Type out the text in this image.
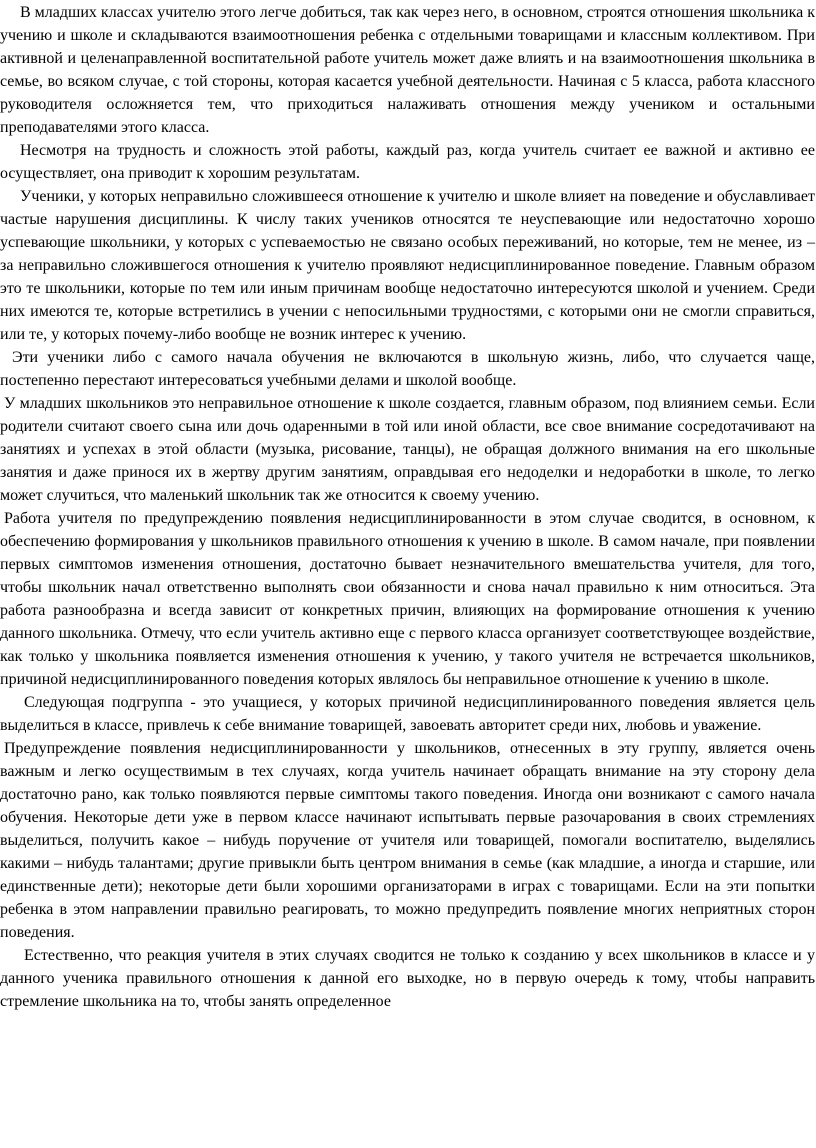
В младших классах учителю этого легче добиться, так как через него, в основном, строятся отношения школьника к учению и школе и складываются взаимоотношения ребенка с отдельными товарищами и классным коллективом. При активной и целенаправленной воспитательной работе учитель может даже влиять и на взаимоотношения школьника в семье, во всяком случае, с той стороны, которая касается учебной деятельности. Начиная с 5 класса, работа классного руководителя осложняется тем, что приходиться налаживать отношения между учеником и остальными преподавателями этого класса.

Несмотря на трудность и сложность этой работы, каждый раз, когда учитель считает ее важной и активно ее осуществляет, она приводит к хорошим результатам.

Ученики, у которых неправильно сложившееся отношение к учителю и школе влияет на поведение и обуславливает частые нарушения дисциплины. К числу таких учеников относятся те неуспевающие или недостаточно хорошо успевающие школьники, у которых с успеваемостью не связано особых переживаний, но которые, тем не менее, из – за неправильно сложившегося отношения к учителю проявляют недисциплинированное поведение. Главным образом это те школьники, которые по тем или иным причинам вообще недостаточно интересуются школой и учением. Среди них имеются те, которые встретились в учении с непосильными трудностями, с которыми они не смогли справиться, или те, у которых почему-либо вообще не возник интерес к учению.

Эти ученики либо с самого начала обучения не включаются в школьную жизнь, либо, что случается чаще, постепенно перестают интересоваться учебными делами и школой вообще.

У младших школьников это неправильное отношение к школе создается, главным образом, под влиянием семьи. Если родители считают своего сына или дочь одаренными в той или иной области, все свое внимание сосредотачивают на занятиях и успехах в этой области (музыка, рисование, танцы), не обращая должного внимания на его школьные занятия и даже принося их в жертву другим занятиям, оправдывая его недоделки и недоработки в школе, то легко может случиться, что маленький школьник так же относится к своему учению.

Работа учителя по предупреждению появления недисциплинированности в этом случае сводится, в основном, к обеспечению формирования у школьников правильного отношения к учению в школе. В самом начале, при появлении первых симптомов изменения отношения, достаточно бывает незначительного вмешательства учителя, для того, чтобы школьник начал ответственно выполнять свои обязанности и снова начал правильно к ним относиться. Эта работа разнообразна и всегда зависит от конкретных причин, влияющих на формирование отношения к учению данного школьника. Отмечу, что если учитель активно еще с первого класса организует соответствующее воздействие, как только у школьника появляется изменения отношения к учению, у такого учителя не встречается школьников, причиной недисциплинированного поведения которых являлось бы неправильное отношение к учению в школе.

Следующая подгруппа - это учащиеся, у которых причиной недисциплинированного поведения является цель выделиться в классе, привлечь к себе внимание товарищей, завоевать авторитет среди них, любовь и уважение.

Предупреждение появления недисциплинированности у школьников, отнесенных в эту группу, является очень важным и легко осуществимым в тех случаях, когда учитель начинает обращать внимание на эту сторону дела достаточно рано, как только появляются первые симптомы такого поведения. Иногда они возникают с самого начала обучения. Некоторые дети уже в первом классе начинают испытывать первые разочарования в своих стремлениях выделиться, получить какое – нибудь поручение от учителя или товарищей, помогали воспитателю, выделялись какими – нибудь талантами; другие привыкли быть центром внимания в семье (как младшие, а иногда и старшие, или единственные дети); некоторые дети были хорошими организаторами в играх с товарищами. Если на эти попытки ребенка в этом направлении правильно реагировать, то можно предупредить появление многих неприятных сторон поведения.

Естественно, что реакция учителя в этих случаях сводится не только к созданию у всех школьников в классе и у данного ученика правильного отношения к данной его выходке, но в первую очередь к тому, чтобы направить стремление школьника на то, чтобы занять определенное
